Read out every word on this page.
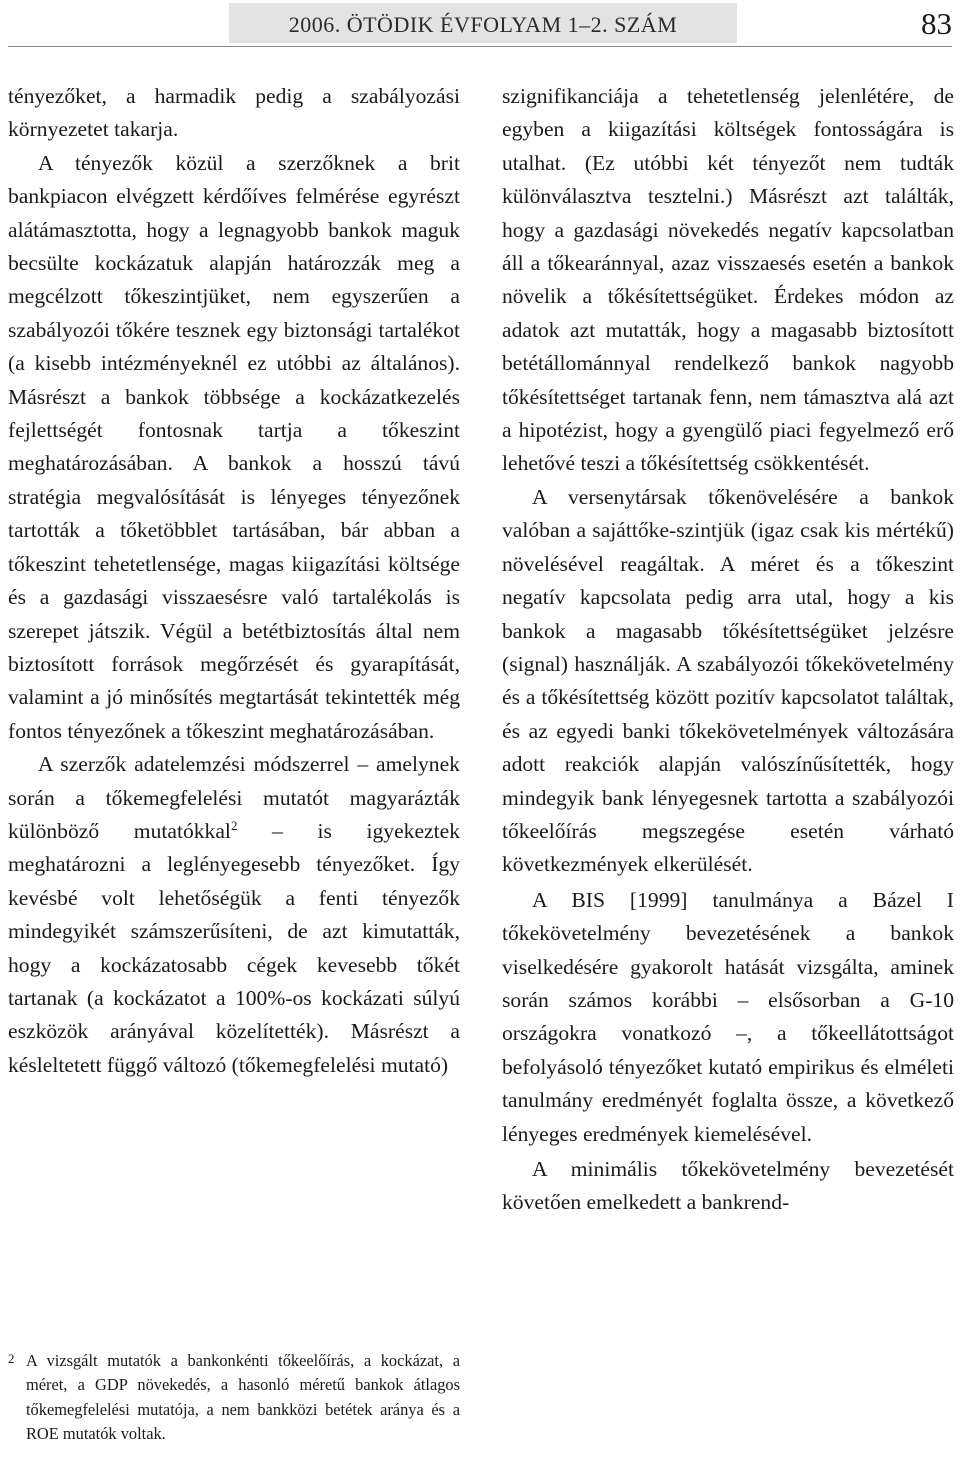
2006. ÖTÖDIK ÉVFOLYAM 1–2. SZÁM	83

tényezőket, a harmadik pedig a szabályozási környezetet takarja.

A tényezők közül a szerzőknek a brit bankpiacon elvégzett kérdőíves felmérése egyrészt alátámasztotta, hogy a legnagyobb bankok maguk becsülte kockázatuk alapján határozzák meg a megcélzott tőkeszintjüket, nem egyszerűen a szabályozói tőkére tesznek egy biztonsági tartalékot (a kisebb intézményeknél ez utóbbi az általános). Másrészt a bankok többsége a kockázatkezelés fejlettségét fontosnak tartja a tőkeszint meghatározásában. A bankok a hosszú távú stratégia megvalósítását is lényeges tényezőnek tartották a tőketöbblet tartásában, bár abban a tőkeszint tehetetlensége, magas kiigazítási költsége és a gazdasági visszaesésre való tartalékolás is szerepet játszik. Végül a betétbiztosítás által nem biztosított források megőrzését és gyarapítását, valamint a jó minősítés megtartását tekintették még fontos tényezőnek a tőkeszint meghatározásában.

A szerzők adatelemzési módszerrel – amelynek során a tőkemegfelelési mutatót magyarázták különböző mutatókkal$^2$ – is igyekeztek meghatározni a leglényegesebb tényezőket. Így kevésbé volt lehetőségük a fenti tényezők mindegyikét számszerűsíteni, de azt kimutatták, hogy a kockázatosabb cégek kevesebb tőkét tartanak (a kockázatot a 100%-os kockázati súlyú eszközök arányával közelítették). Másrészt a késleltetett függő változó (tőkemegfelelési mutató)

szignifikanciája a tehetetlenség jelenlétére, de egyben a kiigazítási költségek fontosságára is utalhat. (Ez utóbbi két tényezőt nem tudták különválasztva tesztelni.) Másrészt azt találták, hogy a gazdasági növekedés negatív kapcsolatban áll a tőkearánnyal, azaz visszaesés esetén a bankok növelik a tőkésítettségüket. Érdekes módon az adatok azt mutatták, hogy a magasabb biztosított betétállománnyal rendelkező bankok nagyobb tőkésítettséget tartanak fenn, nem támasztva alá azt a hipotézist, hogy a gyengülő piaci fegyelmező erő lehetővé teszi a tőkésítettség csökkentését.

A versenytársak tőkenövelésére a bankok valóban a sajáttőke-szintjük (igaz csak kis mértékű) növelésével reagáltak. A méret és a tőkeszint negatív kapcsolata pedig arra utal, hogy a kis bankok a magasabb tőkésítettségüket jelzésre (signal) használják. A szabályozói tőkekövetelmény és a tőkésítettség között pozitív kapcsolatot találtak, és az egyedi banki tőkekövetelmények változására adott reakciók alapján valószínűsítették, hogy mindegyik bank lényegesnek tartotta a szabályozói tőkeelőírás megszegése esetén várható következmények elkerülését.

A BIS [1999] tanulmánya a Bázel I tőkekövetelmény bevezetésének a bankok viselkedésére gyakorolt hatását vizsgálta, aminek során számos korábbi – elsősorban a G-10 országokra vonatkozó –, a tőkeellátottságot befolyásoló tényezőket kutató empirikus és elméleti tanulmány eredményét foglalta össze, a következő lényeges eredmények kiemelésével.

A minimális tőkekövetelmény bevezetését követően emelkedett a bankrend-

2 A vizsgált mutatók a bankonkénti tőkeelőírás, a kockázat, a méret, a GDP növekedés, a hasonló méretű bankok átlagos tőkemegfelelési mutatója, a nem bankközi betétek aránya és a ROE mutatók voltak.
